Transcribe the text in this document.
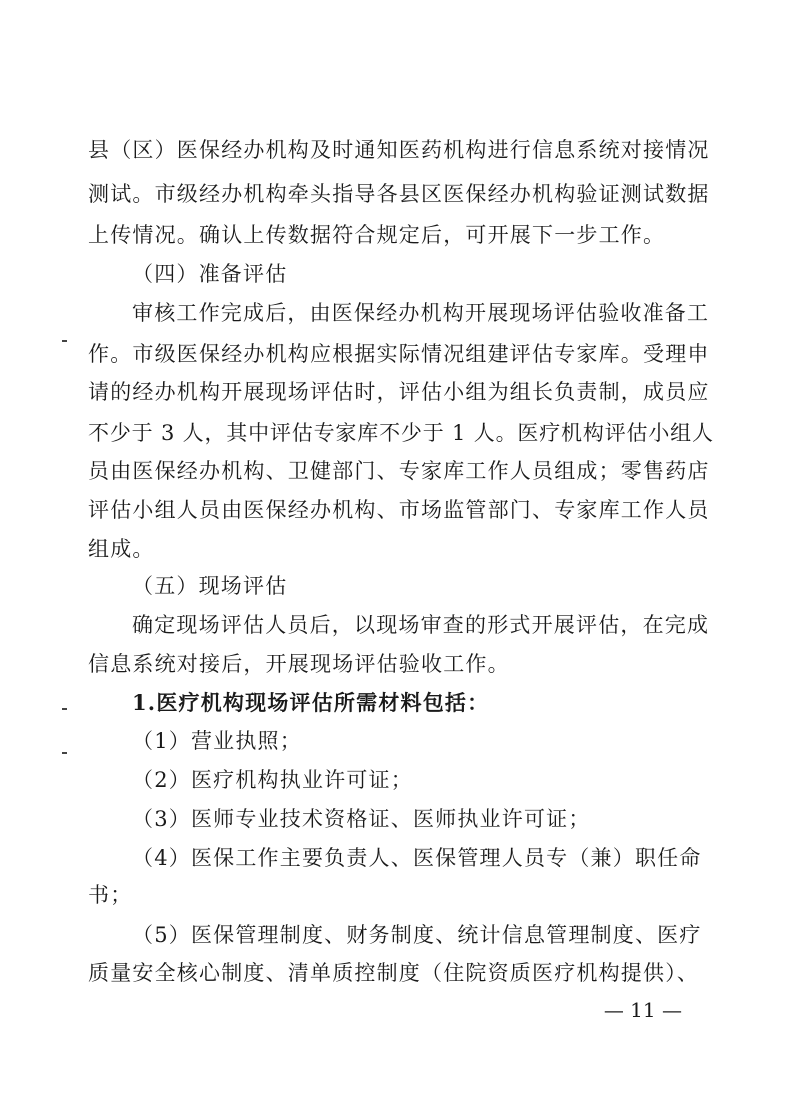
县（区）医保经办机构及时通知医药机构进行信息系统对接情况
测试。市级经办机构牵头指导各县区医保经办机构验证测试数据
上传情况。确认上传数据符合规定后，可开展下一步工作。
（四）准备评估
审核工作完成后，由医保经办机构开展现场评估验收准备工
作。市级医保经办机构应根据实际情况组建评估专家库。受理申
请的经办机构开展现场评估时，评估小组为组长负责制，成员应
不少于 3 人，其中评估专家库不少于 1 人。医疗机构评估小组人
员由医保经办机构、卫健部门、专家库工作人员组成；零售药店
评估小组人员由医保经办机构、市场监管部门、专家库工作人员
组成。
（五）现场评估
确定现场评估人员后，以现场审查的形式开展评估，在完成
信息系统对接后，开展现场评估验收工作。
1.医疗机构现场评估所需材料包括：
（1）营业执照；
（2）医疗机构执业许可证；
（3）医师专业技术资格证、医师执业许可证；
（4）医保工作主要负责人、医保管理人员专（兼）职任命
书；
（5）医保管理制度、财务制度、统计信息管理制度、医疗
质量安全核心制度、清单质控制度（住院资质医疗机构提供）、
— 11 —
